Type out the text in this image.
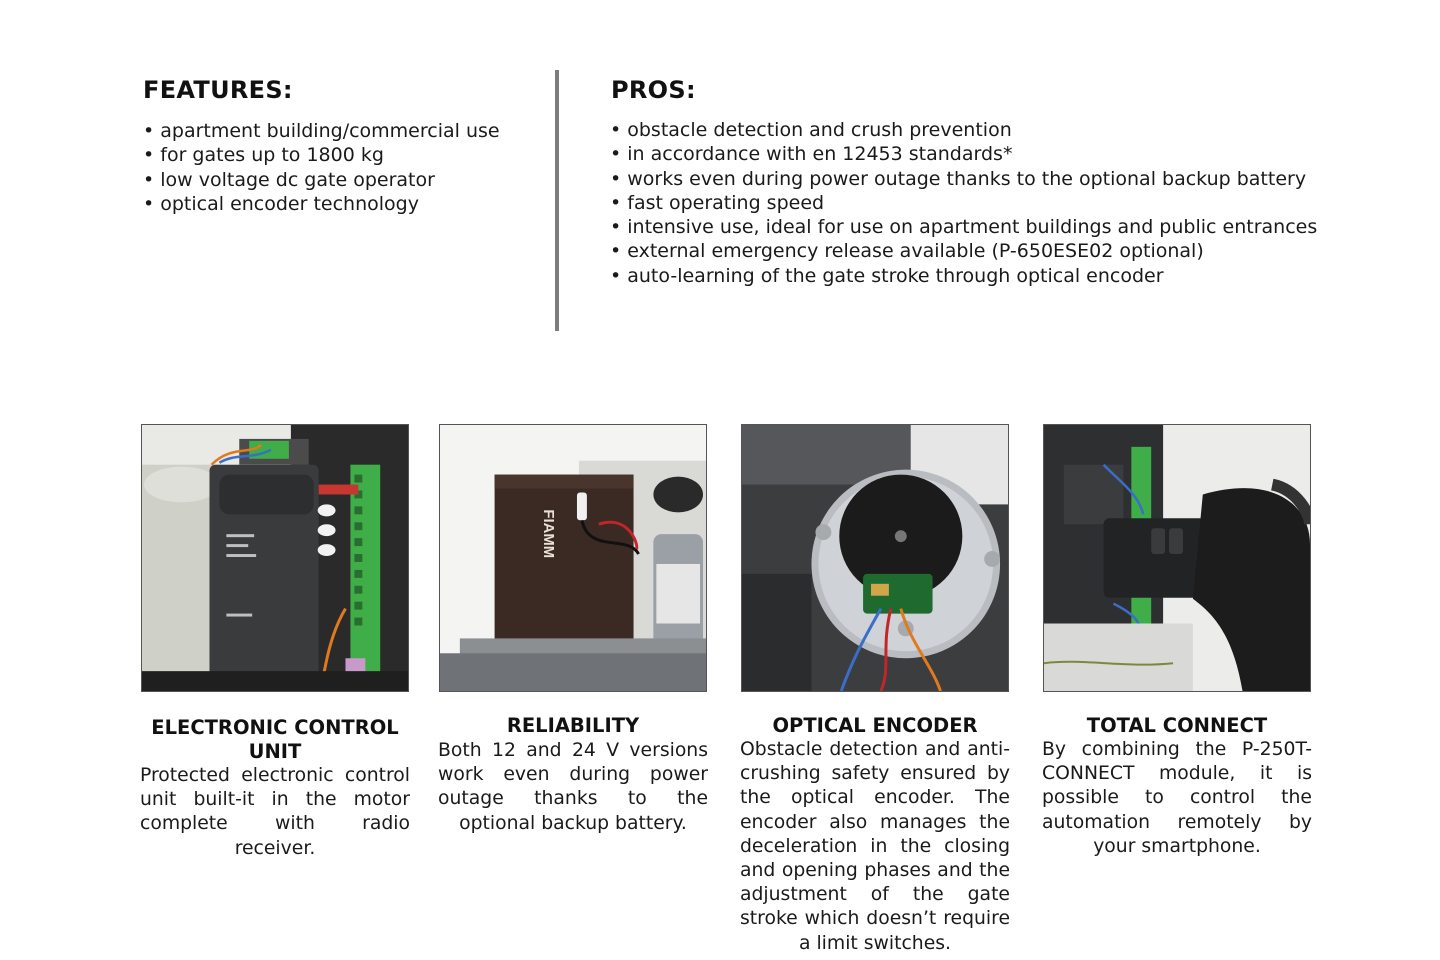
FEATURES:
• apartment building/commercial use
• for gates up to 1800 kg
• low voltage dc gate operator
• optical encoder technology
PROS:
• obstacle detection and crush prevention
• in accordance with en 12453 standards*
• works even during power outage thanks to the optional backup battery
• fast operating speed
• intensive use, ideal for use on apartment buildings and public entrances
• external emergency release available (P-650ESE02 optional)
• auto-learning of the gate stroke through optical encoder
ELECTRONIC CONTROL UNIT
Protected electronic control unit built-it in the motor complete with radio receiver.
FIAMM
RELIABILITY
Both 12 and 24 V versions work even during power outage thanks to the optional backup battery.
OPTICAL ENCODER
Obstacle detection and anti-crushing safety ensured by the optical encoder. The encoder also manages the deceleration in the closing and opening phases and the adjustment of the gate stroke which doesn’t require a limit switches.
TOTAL CONNECT
By combining the P-250T-CONNECT module, it is possible to control the automation remotely by your smartphone.
